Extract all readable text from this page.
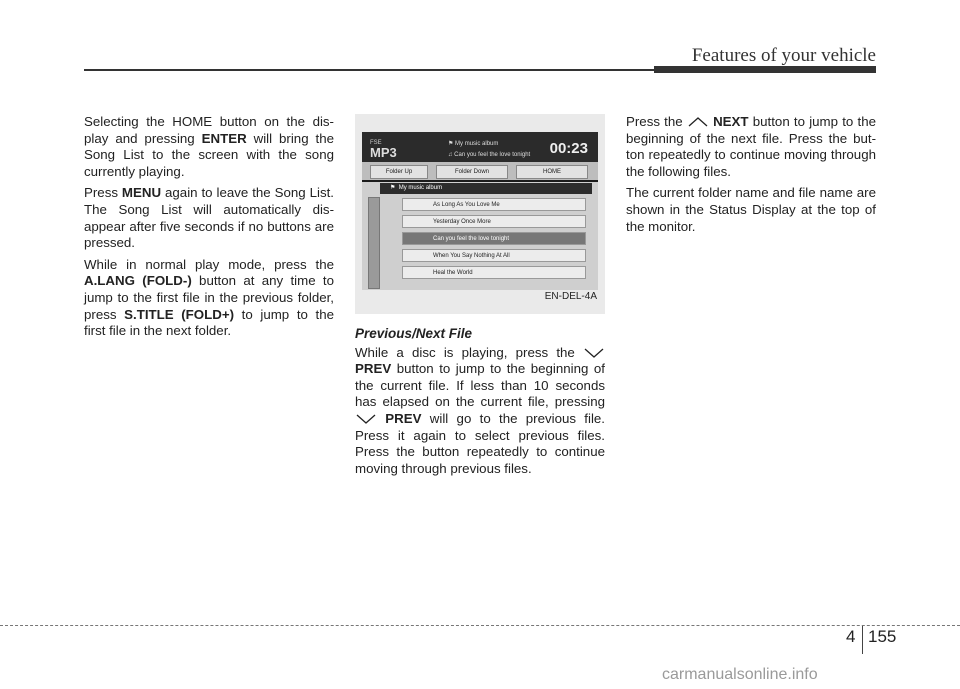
Features of your vehicle

Selecting the HOME button on the dis- play and pressing ENTER will bring the Song List to the screen with the song currently playing.

Press MENU again to leave the Song List. The Song List will automatically dis- appear after five seconds if no buttons are pressed.

While in normal play mode, press the A.LANG (FOLD-) button at any time to jump to the first file in the previous folder, press S.TITLE (FOLD+) to jump to the first file in the next folder.

FSE
MP3
⚑ My music album
♫ Can you feel the love tonight 00:23
Folder Up	Folder Down	HOME
⚑  My music album
As Long As You Love Me
Yesterday Once More
Can you feel the love tonight
When You Say Nothing At All
Heal the World
EN-DEL-4A
Previous/Next File

While a disc is playing, press the  PREV button to jump to the beginning of the current file. If less than 10 seconds has elapsed on the current file, pressing  PREV will go to the previous file. Press it again to select previous files. Press the button repeatedly to continue moving through previous files.

Press the NEXT button to jump to the beginning of the next file. Press the but- ton repeatedly to continue moving through the following files.

The current folder name and file name are shown in the Status Display at the top of the monitor.

4 155
carmanualsonline.info
